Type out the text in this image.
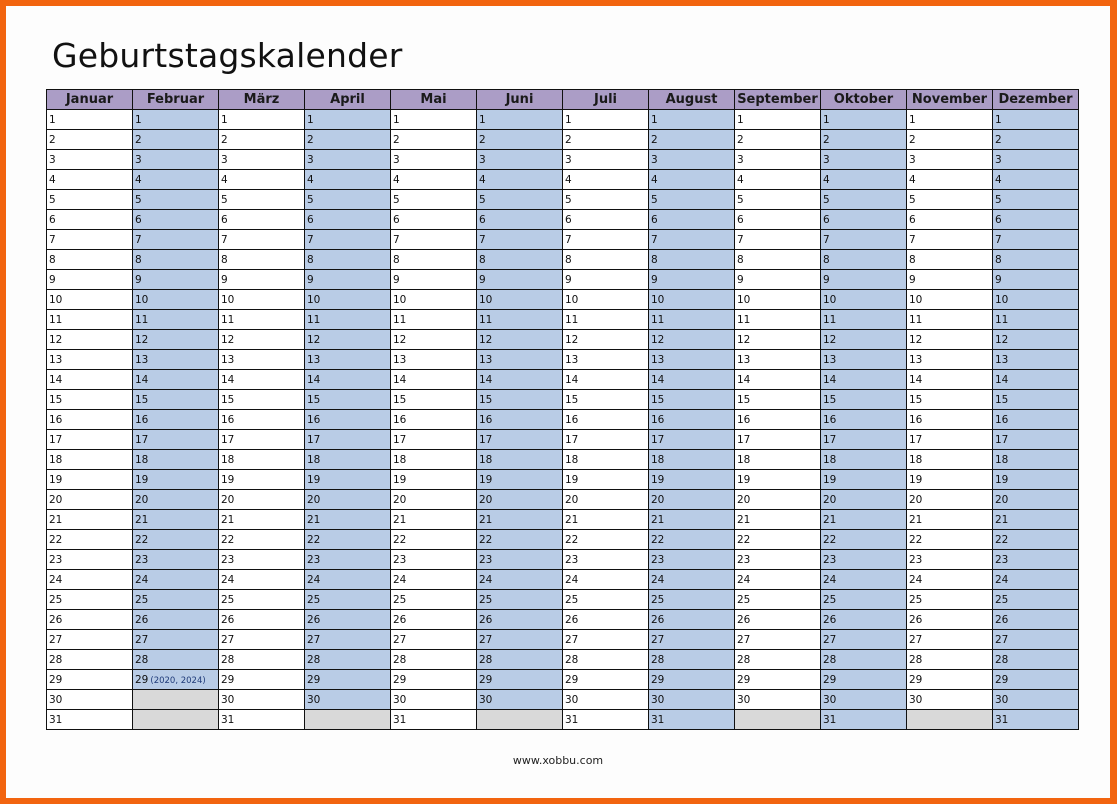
Geburtstagskalender
Januar	Februar	März	April	Mai	Juni	Juli	August	September	Oktober	November	Dezember
1	1	1	1	1	1	1	1	1	1	1	1
2	2	2	2	2	2	2	2	2	2	2	2
3	3	3	3	3	3	3	3	3	3	3	3
4	4	4	4	4	4	4	4	4	4	4	4
5	5	5	5	5	5	5	5	5	5	5	5
6	6	6	6	6	6	6	6	6	6	6	6
7	7	7	7	7	7	7	7	7	7	7	7
8	8	8	8	8	8	8	8	8	8	8	8
9	9	9	9	9	9	9	9	9	9	9	9
10	10	10	10	10	10	10	10	10	10	10	10
11	11	11	11	11	11	11	11	11	11	11	11
12	12	12	12	12	12	12	12	12	12	12	12
13	13	13	13	13	13	13	13	13	13	13	13
14	14	14	14	14	14	14	14	14	14	14	14
15	15	15	15	15	15	15	15	15	15	15	15
16	16	16	16	16	16	16	16	16	16	16	16
17	17	17	17	17	17	17	17	17	17	17	17
18	18	18	18	18	18	18	18	18	18	18	18
19	19	19	19	19	19	19	19	19	19	19	19
20	20	20	20	20	20	20	20	20	20	20	20
21	21	21	21	21	21	21	21	21	21	21	21
22	22	22	22	22	22	22	22	22	22	22	22
23	23	23	23	23	23	23	23	23	23	23	23
24	24	24	24	24	24	24	24	24	24	24	24
25	25	25	25	25	25	25	25	25	25	25	25
26	26	26	26	26	26	26	26	26	26	26	26
27	27	27	27	27	27	27	27	27	27	27	27
28	28	28	28	28	28	28	28	28	28	28	28
29	29 (2020, 2024)	29	29	29	29	29	29	29	29	29	29
30		30	30	30	30	30	30	30	30	30	30
31		31		31		31	31		31		31
www.xobbu.com
